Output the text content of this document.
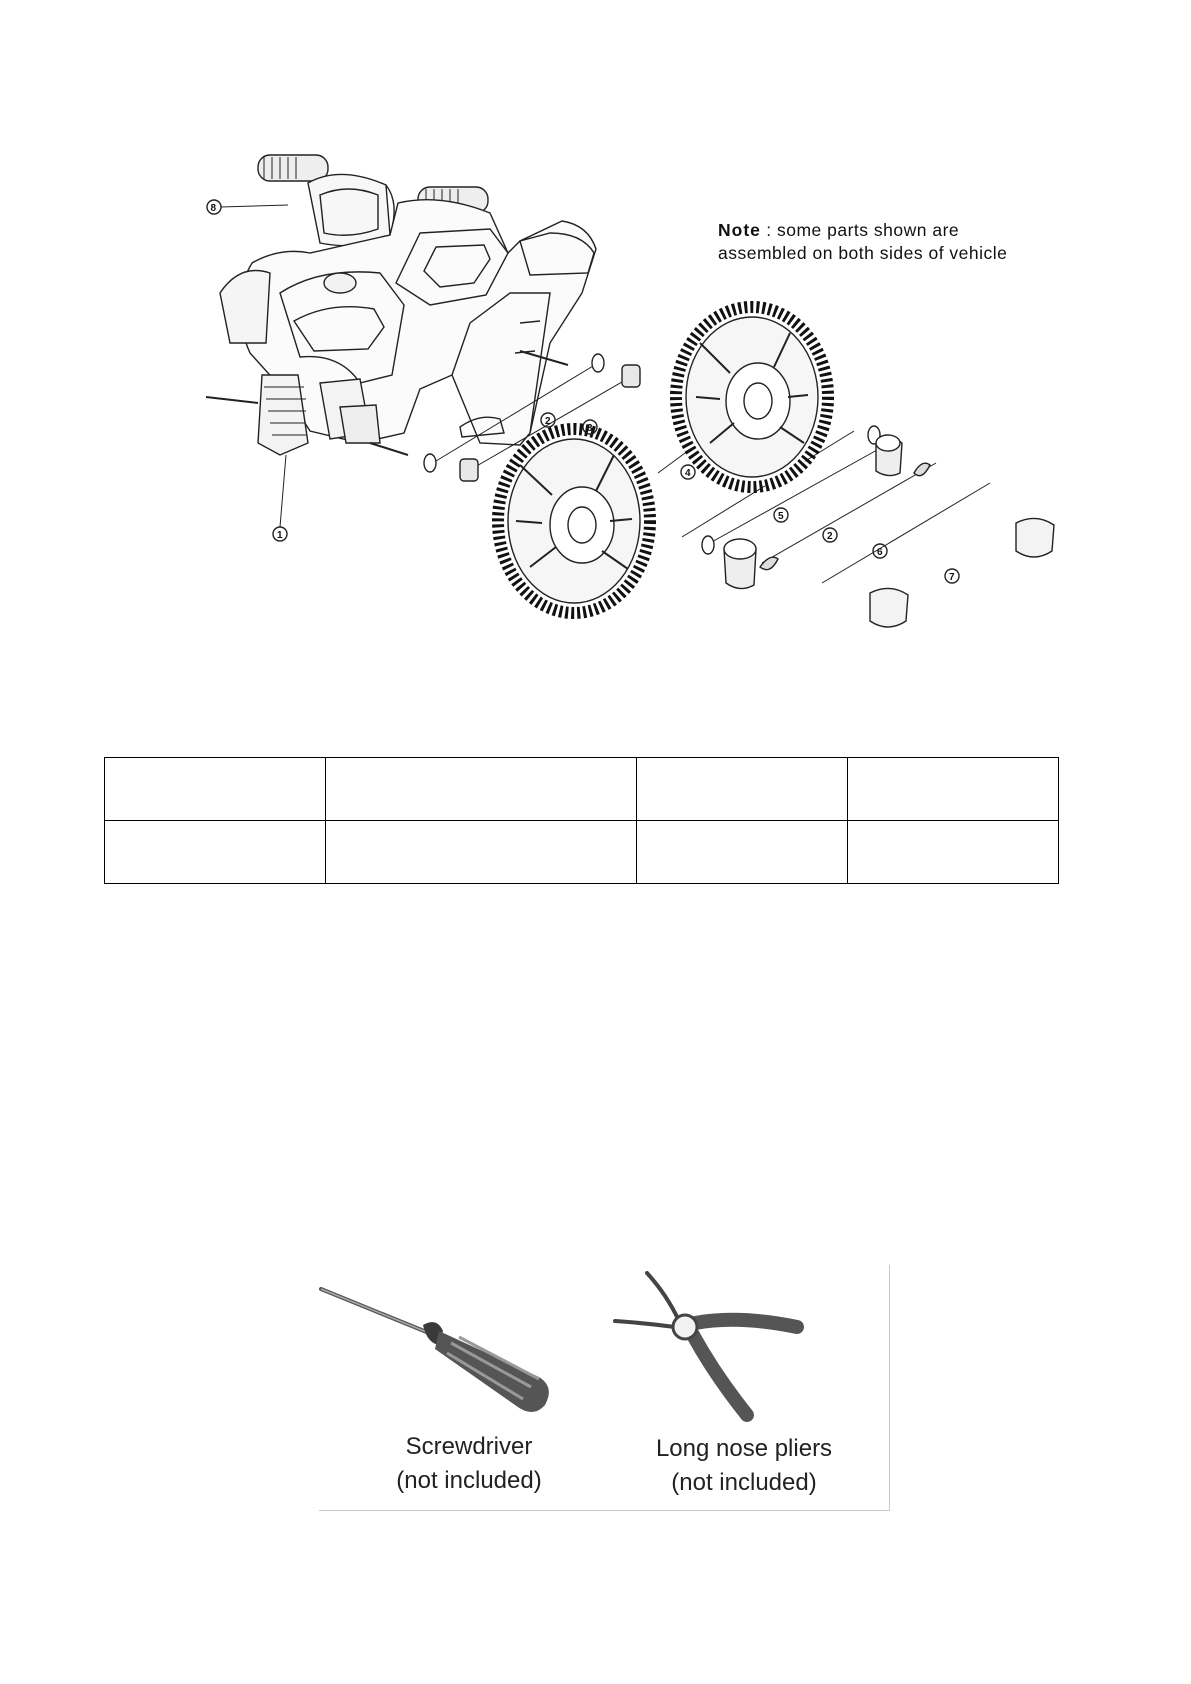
8
1
2
3
4
5
2
6
7
Note : some parts shown are
assembled on both sides of vehicle

Screwdriver
(not included)
Long nose pliers
(not included)
